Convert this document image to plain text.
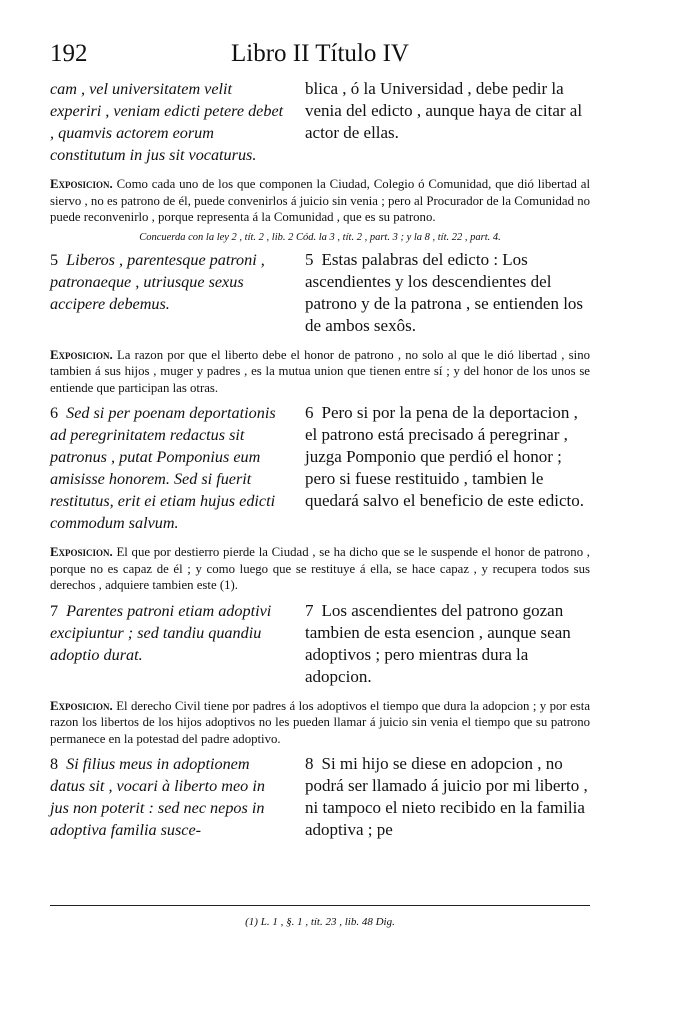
192	Libro II Título IV
cam , vel universitatem velit experiri , veniam edicti petere debet , quamvis actorem eorum constitutum in jus sit vocaturus.
blica , ó la Universidad , debe pedir la venia del edicto , aunque haya de citar al actor de ellas.
Exposicion. Como cada uno de los que componen la Ciudad, Colegio ó Comunidad, que dió libertad al siervo , no es patrono de él, puede convenirlos á juicio sin venia ; pero al Procurador de la Comunidad no puede reconvenirlo , porque representa á la Comunidad , que es su patrono.
Concuerda con la ley 2 , tít. 2 , lib. 2 Cód. la 3 , tít. 2 , part. 3 ; y la 8 , tít. 22 , part. 4.
5 Liberos , parentesque patroni , patronaeque , utriusque sexus accipere debemus.
5 Estas palabras del edicto : Los ascendientes y los descendientes del patrono y de la patrona , se entienden los de ambos sexôs.
Exposicion. La razon por que el liberto debe el honor de patrono , no solo al que le dió libertad , sino tambien á sus hijos , muger y padres , es la mutua union que tienen entre sí ; y del honor de los unos se entiende que participan las otras.
6 Sed si per poenam deportationis ad peregrinitatem redactus sit patronus , putat Pomponius eum amisisse honorem. Sed si fuerit restitutus, erit ei etiam hujus edicti commodum salvum.
6 Pero si por la pena de la deportacion , el patrono está precisado á peregrinar , juzga Pomponio que perdió el honor ; pero si fuese restituido , tambien le quedará salvo el beneficio de este edicto.
Exposicion. El que por destierro pierde la Ciudad , se ha dicho que se le suspende el honor de patrono , porque no es capaz de él ; y como luego que se restituye á ella, se hace capaz , y recupera todos sus derechos , adquiere tambien este (1).
7 Parentes patroni etiam adoptivi excipiuntur ; sed tandiu quandiu adoptio durat.
7 Los ascendientes del patrono gozan tambien de esta esencion , aunque sean adoptivos ; pero mientras dura la adopcion.
Exposicion. El derecho Civil tiene por padres á los adoptivos el tiempo que dura la adopcion ; y por esta razon los libertos de los hijos adoptivos no les pueden llamar á juicio sin venia el tiempo que su patrono permanece en la potestad del padre adoptivo.
8 Si filius meus in adoptionem datus sit , vocari à liberto meo in jus non poterit : sed nec nepos in adoptiva familia susce-
8 Si mi hijo se diese en adopcion , no podrá ser llamado á juicio por mi liberto , ni tampoco el nieto recibido en la familia adoptiva ; pe
(1) L. 1 , §. 1 , tít. 23 , lib. 48 Dig.
